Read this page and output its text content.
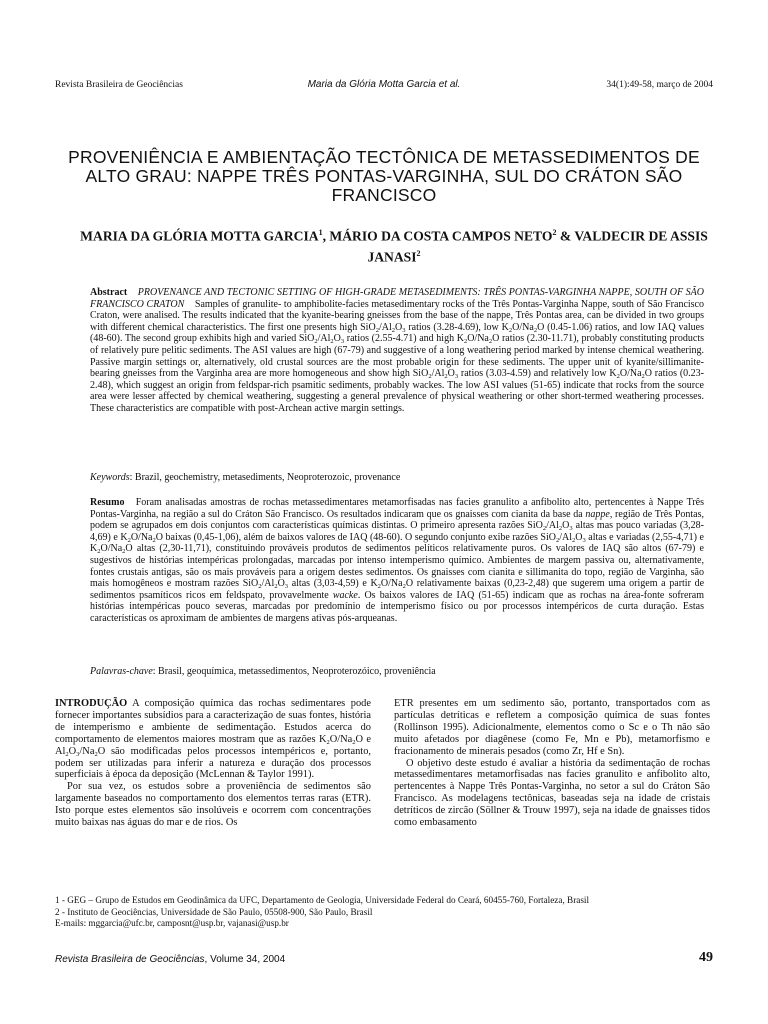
Revista Brasileira de Geociências	Maria da Glória Motta Garcia et al.	34(1):49-58, março de 2004
PROVENIÊNCIA E AMBIENTAÇÃO TECTÔNICA DE METASSEDIMENTOS DE ALTO GRAU: NAPPE TRÊS PONTAS-VARGINHA, SUL DO CRÁTON SÃO FRANCISCO
MARIA DA GLÓRIA MOTTA GARCIA$^1$, MÁRIO DA COSTA CAMPOS NETO$^2$ & VALDECIR DE ASSIS JANASI$^2$
Abstract PROVENANCE AND TECTONIC SETTING OF HIGH-GRADE METASEDIMENTS: TRÊS PONTAS-VARGINHA NAPPE, SOUTH OF SÃO FRANCISCO CRATON Samples of granulite- to amphibolite-facies metasedimentary rocks of the Três Pontas-Varginha Nappe, south of São Francisco Craton, were analised. The results indicated that the kyanite-bearing gneisses from the base of the nappe, Três Pontas area, can be divided in two groups with different chemical characteristics. The first one presents high $SiO_2/Al_2O_3$ ratios (3.28-4.69), low $K_2O/Na_2O$ (0.45-1.06) ratios, and low IAQ values (48-60). The second group exhibits high and varied $SiO_2/Al_2O_3$ ratios (2.55-4.71) and high $K_2O/Na_2O$ ratios (2.30-11.71), probably constituting products of relatively pure pelitic sediments. The ASI values are high (67-79) and suggestive of a long weathering period marked by intense chemical weathering. Passive margin settings or, alternatively, old crustal sources are the most probable origin for these sediments. The upper unit of kyanite/sillimanite-bearing gneisses from the Varginha area are more homogeneous and show high $SiO_2/Al_2O_3$ ratios (3.03-4.59) and relatively low $K_2O/Na_2O$ ratios (0.23-2.48), which suggest an origin from feldspar-rich psamitic sediments, probably wackes. The low ASI values (51-65) indicate that rocks from the source area were lesser affected by chemical weathering, suggesting a general prevalence of physical weathering or other short-termed weathering processes. These characteristics are compatible with post-Archean active margin settings.
Keywords: Brazil, geochemistry, metasediments, Neoproterozoic, provenance
Resumo Foram analisadas amostras de rochas metassedimentares metamorfisadas nas facies granulito a anfibolito alto, pertencentes à Nappe Três Pontas-Varginha, na região a sul do Cráton São Francisco. Os resultados indicaram que os gnaisses com cianita da base da nappe, região de Três Pontas, podem se agrupados em dois conjuntos com características químicas distintas. O primeiro apresenta razões $SiO_2/Al_2O_3$ altas mas pouco variadas (3,28-4,69) e $K_2O/Na_2O$ baixas (0,45-1,06), além de baixos valores de IAQ (48-60). O segundo conjunto exibe razões $SiO_2/Al_2O_3$ altas e variadas (2,55-4,71) e $K_2O/Na_2O$ altas (2,30-11,71), constituindo prováveis produtos de sedimentos pelíticos relativamente puros. Os valores de IAQ são altos (67-79) e sugestivos de histórias intempéricas prolongadas, marcadas por intenso intemperismo químico. Ambientes de margem passiva ou, alternativamente, fontes crustais antigas, são os mais prováveis para a origem destes sedimentos. Os gnaisses com cianita e sillimanita do topo, região de Varginha, são mais homogêneos e mostram razões $SiO_2/Al_2O_3$ altas (3,03-4,59) e $K_2O/Na_2O$ relativamente baixas (0,23-2,48) que sugerem uma origem a partir de sedimentos psamíticos ricos em feldspato, provavelmente wacke. Os baixos valores de IAQ (51-65) indicam que as rochas na área-fonte sofreram histórias intempéricas pouco severas, marcadas por predomínio de intemperismo físico ou por processos intempéricos de curta duração. Estas características os aproximam de ambientes de margens ativas pós-arqueanas.
Palavras-chave: Brasil, geoquímica, metassedimentos, Neoproterozóico, proveniência

INTRODUÇÃO A composição química das rochas sedimentares pode fornecer importantes subsídios para a caracterização de suas fontes, história de intemperismo e ambiente de sedimentação. Estudos acerca do comportamento de elementos maiores mostram que as razões $K_2O/Na_2O$ e $Al_2O_3/Na_2O$ são modificadas pelos processos intempéricos e, portanto, podem ser utilizadas para inferir a natureza e duração dos processos superficiais à época da deposição (McLennan & Taylor 1991).

Por sua vez, os estudos sobre a proveniência de sedimentos são largamente baseados no comportamento dos elementos terras raras (ETR). Isto porque estes elementos são insolúveis e ocorrem com concentrações muito baixas nas águas do mar e de rios. Os

ETR presentes em um sedimento são, portanto, transportados com as partículas detríticas e refletem a composição química de suas fontes (Rollinson 1995). Adicionalmente, elementos como o Sc e o Th não são muito afetados por diagênese (como Fe, Mn e Pb), metamorfismo e fracionamento de minerais pesados (como Zr, Hf e Sn).

O objetivo deste estudo é avaliar a história da sedimentação de rochas metassedimentares metamorfisadas nas facies granulito e anfibolito alto, pertencentes à Nappe Três Pontas-Varginha, no setor a sul do Cráton São Francisco. As modelagens tectônicas, baseadas seja na idade de cristais detríticos de zircão (Söllner & Trouw 1997), seja na idade de gnaisses tidos como embasamento

1 - GEG – Grupo de Estudos em Geodinâmica da UFC, Departamento de Geologia, Universidade Federal do Ceará, 60455-760, Fortaleza, Brasil
2 - Instituto de Geociências, Universidade de São Paulo, 05508-900, São Paulo, Brasil
E-mails: mggarcia@ufc.br, camposnt@usp.br, vajanasi@usp.br
Revista Brasileira de Geociências, Volume 34, 2004	49
